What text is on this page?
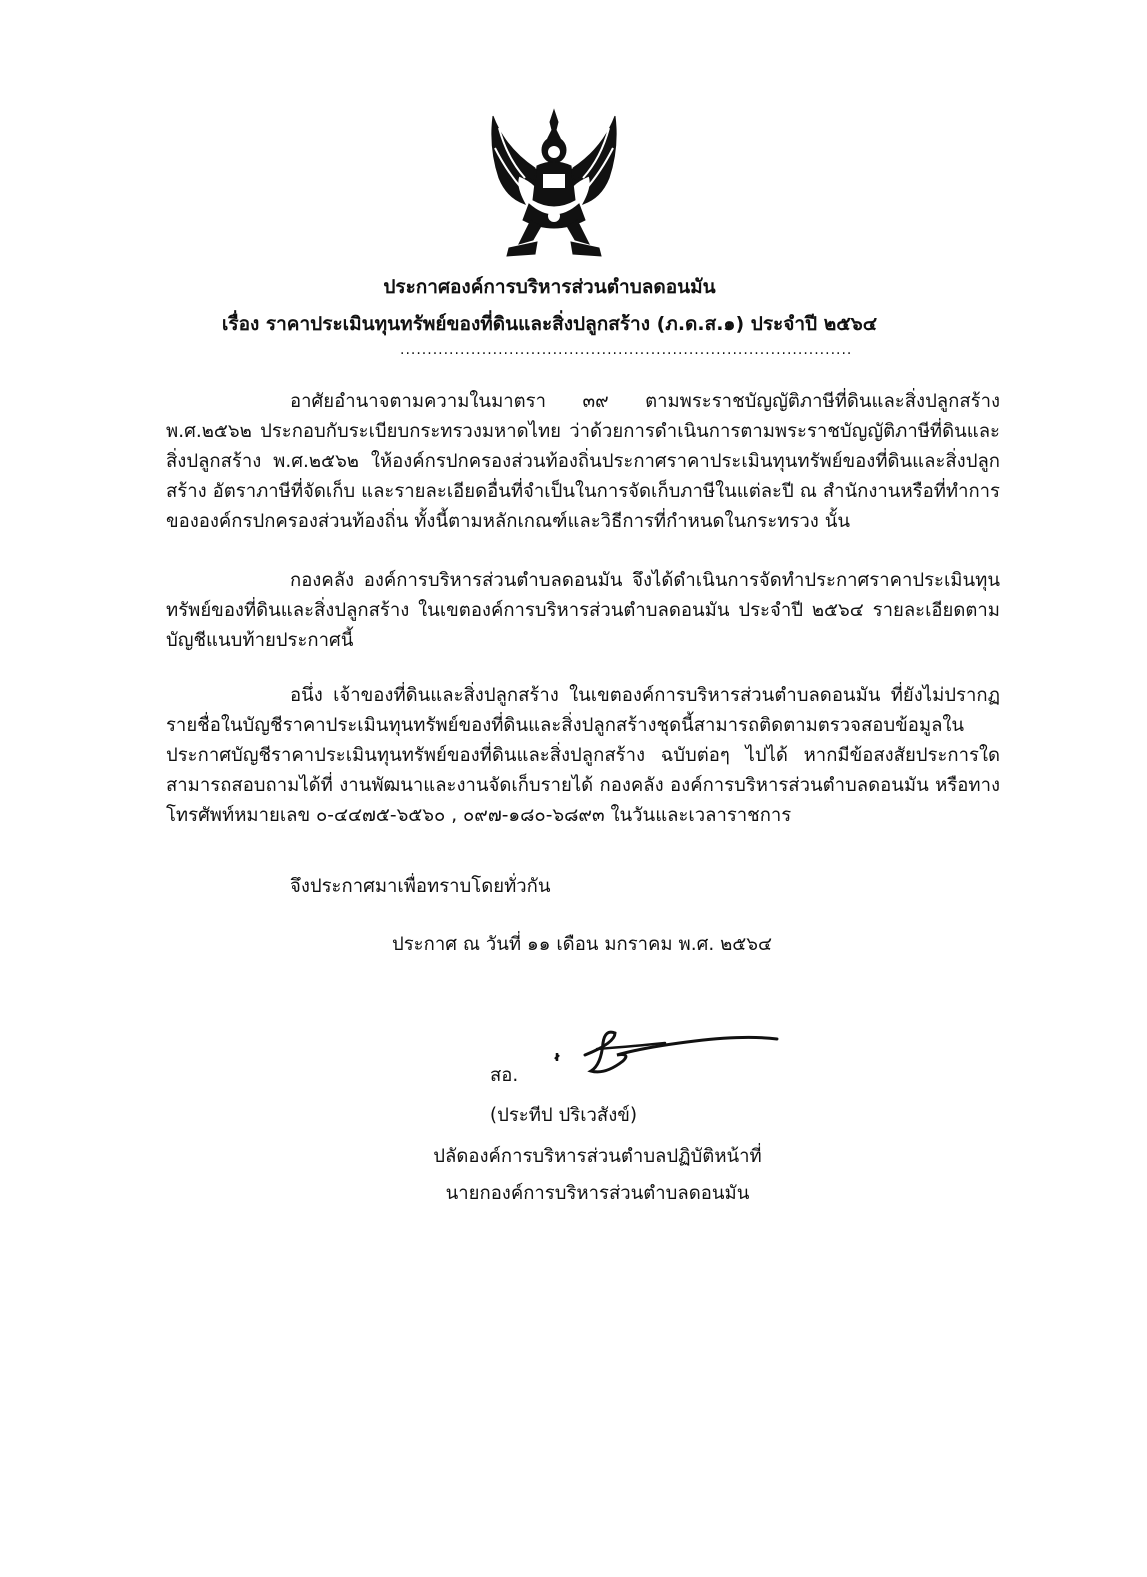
ประกาศองค์การบริหารส่วนตำบลดอนมัน
เรื่อง ราคาประเมินทุนทรัพย์ของที่ดินและสิ่งปลูกสร้าง (ภ.ด.ส.๑) ประจำปี ๒๕๖๔
...................................................................................
อาศัยอำนาจตามความในมาตรา ๓๙ ตามพระราชบัญญัติภาษีที่ดินและสิ่งปลูกสร้าง พ.ศ.๒๕๖๒ ประกอบกับระเบียบกระทรวงมหาดไทย ว่าด้วยการดำเนินการตามพระราชบัญญัติภาษีที่ดินและสิ่งปลูกสร้าง พ.ศ.๒๕๖๒ ให้องค์กรปกครองส่วนท้องถิ่นประกาศราคาประเมินทุนทรัพย์ของที่ดินและสิ่งปลูกสร้าง อัตราภาษีที่จัดเก็บ และรายละเอียดอื่นที่จำเป็นในการจัดเก็บภาษีในแต่ละปี ณ สำนักงานหรือที่ทำการขององค์กรปกครองส่วนท้องถิ่น ทั้งนี้ตามหลักเกณฑ์และวิธีการที่กำหนดในกระทรวง นั้น
กองคลัง องค์การบริหารส่วนตำบลดอนมัน จึงได้ดำเนินการจัดทำประกาศราคาประเมินทุนทรัพย์ของที่ดินและสิ่งปลูกสร้าง ในเขตองค์การบริหารส่วนตำบลดอนมัน ประจำปี ๒๕๖๔ รายละเอียดตามบัญชีแนบท้ายประกาศนี้
อนึ่ง เจ้าของที่ดินและสิ่งปลูกสร้าง ในเขตองค์การบริหารส่วนตำบลดอนมัน ที่ยังไม่ปรากฏรายชื่อในบัญชีราคาประเมินทุนทรัพย์ของที่ดินและสิ่งปลูกสร้างชุดนี้สามารถติดตามตรวจสอบข้อมูลในประกาศบัญชีราคาประเมินทุนทรัพย์ของที่ดินและสิ่งปลูกสร้าง ฉบับต่อๆ ไปได้ หากมีข้อสงสัยประการใดสามารถสอบถามได้ที่ งานพัฒนาและงานจัดเก็บรายได้ กองคลัง องค์การบริหารส่วนตำบลดอนมัน หรือทางโทรศัพท์หมายเลข ๐-๔๔๗๕-๖๕๖๐ , ๐๙๗-๑๘๐-๖๘๙๓ ในวันและเวลาราชการ
จึงประกาศมาเพื่อทราบโดยทั่วกัน
ประกาศ ณ วันที่ ๑๑ เดือน มกราคม พ.ศ. ๒๕๖๔
สอ.
(ประทีป ปริเวสังข์)
ปลัดองค์การบริหารส่วนตำบลปฏิบัติหน้าที่
นายกองค์การบริหารส่วนตำบลดอนมัน
